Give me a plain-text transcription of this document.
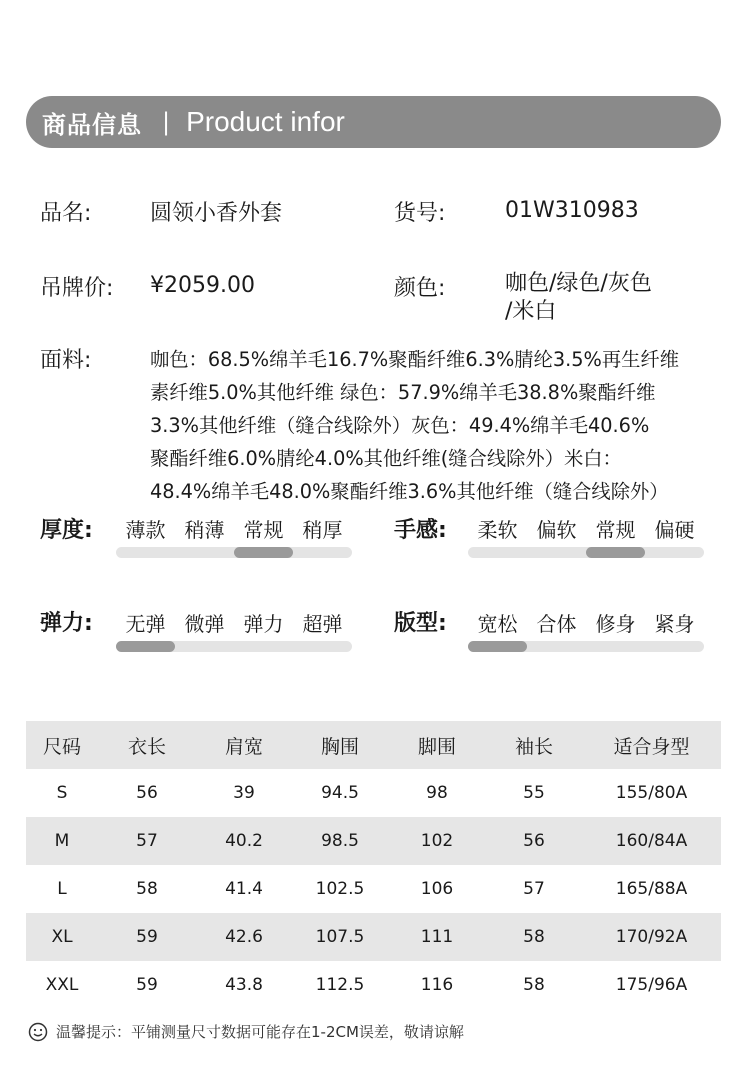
商品信息 | Product infor
品名:	圆领小香外套	货号:	01W310983
吊牌价: ¥2059.00	颜色:	咖色/绿色/灰色
/米白
面料:	咖色：68.5%绵羊毛16.7%聚酯纤维6.3%腈纶3.5%再生纤维
素纤维5.0%其他纤维 绿色：57.9%绵羊毛38.8%聚酯纤维
3.3%其他纤维（缝合线除外）灰色：49.4%绵羊毛40.6%
聚酯纤维6.0%腈纶4.0%其他纤维(缝合线除外）米白：
48.4%绵羊毛48.0%聚酯纤维3.6%其他纤维（缝合线除外）
厚度:	薄款 稍薄 常规 稍厚	手感:	柔软 偏软 常规 偏硬
弹力:	无弹 微弹 弹力 超弹	版型:	宽松 合体 修身 紧身
尺码	衣长	肩宽	胸围	脚围	袖长	适合身型
S	56	39	94.5	98	55	155/80A
M	57	40.2	98.5	102	56	160/84A
L	58	41.4	102.5	106	57	165/88A
XL	59	42.6	107.5	111	58	170/92A
XXL	59	43.8	112.5	116	58	175/96A
温馨提示：平铺测量尺寸数据可能存在1-2CM误差，敬请谅解
